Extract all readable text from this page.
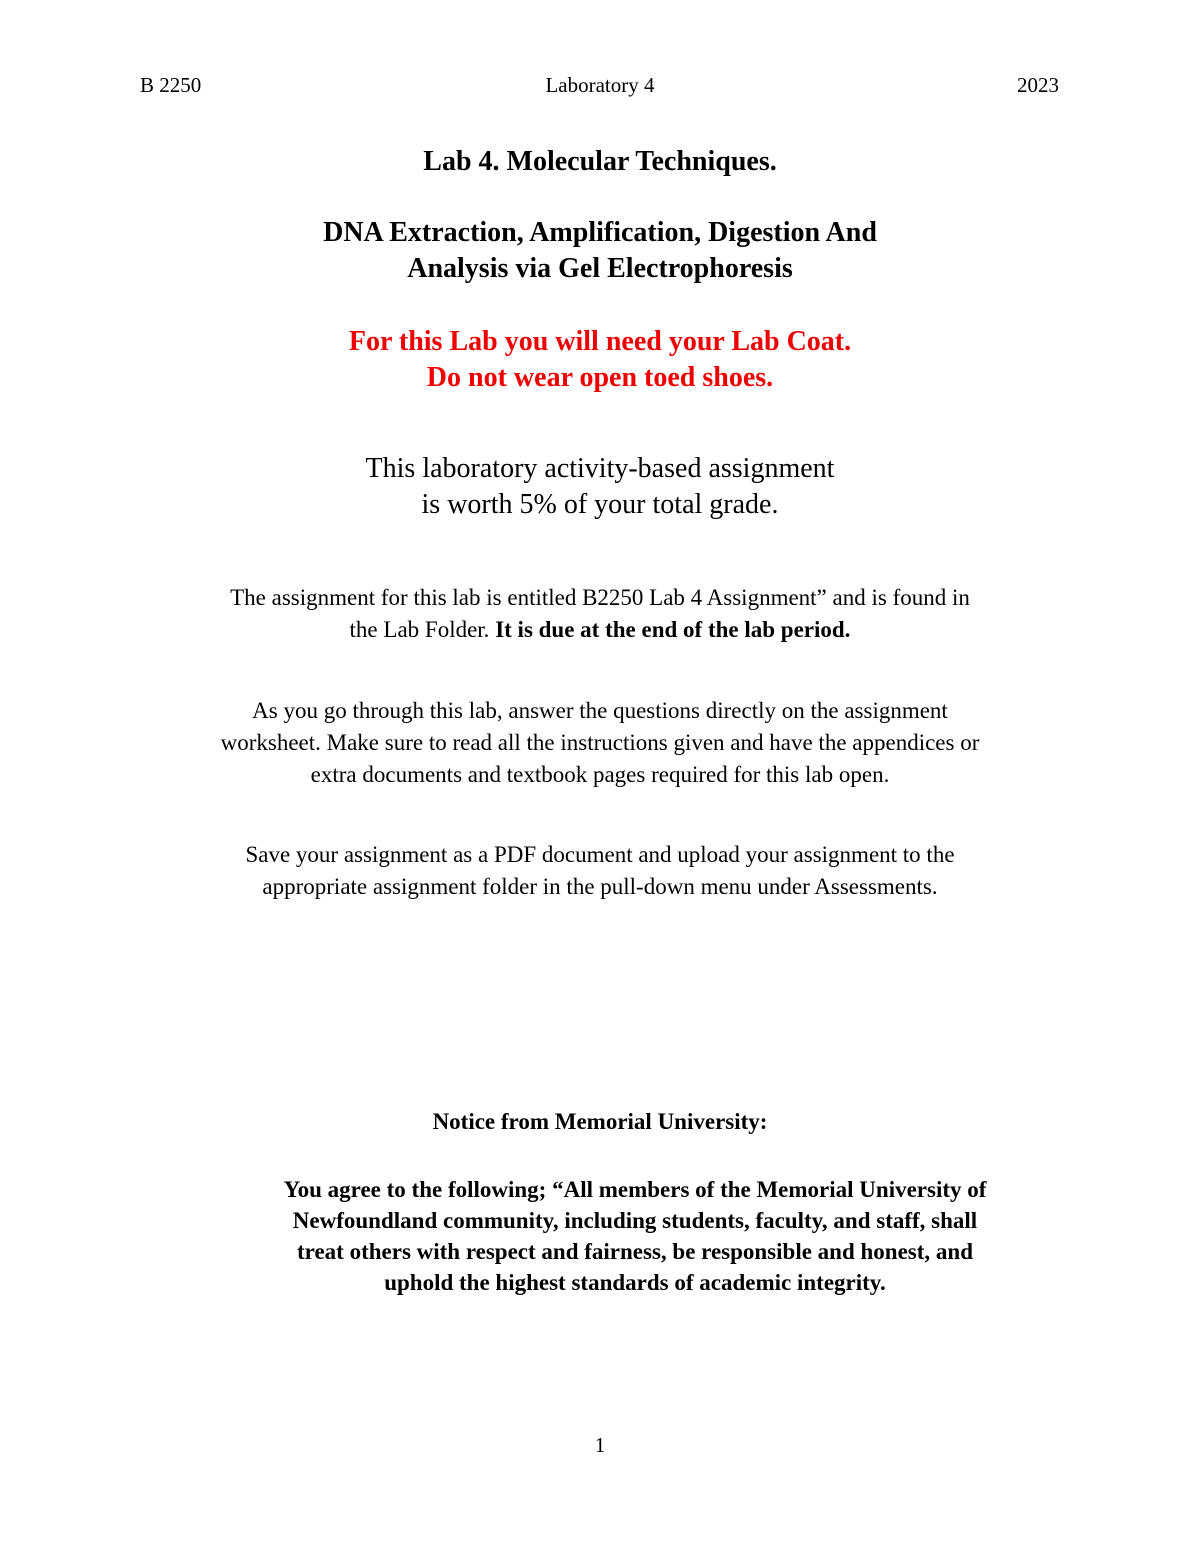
B 2250	Laboratory 4	2023
Lab 4. Molecular Techniques.
DNA Extraction, Amplification, Digestion And
Analysis via Gel Electrophoresis
For this Lab you will need your Lab Coat.
Do not wear open toed shoes.
This laboratory activity-based assignment
is worth 5% of your total grade.
The assignment for this lab is entitled B2250 Lab 4 Assignment” and is found in
the Lab Folder. It is due at the end of the lab period.
As you go through this lab, answer the questions directly on the assignment
worksheet. Make sure to read all the instructions given and have the appendices or
extra documents and textbook pages required for this lab open.
Save your assignment as a PDF document and upload your assignment to the
appropriate assignment folder in the pull-down menu under Assessments.
Notice from Memorial University:
You agree to the following; “All members of the Memorial University of
Newfoundland community, including students, faculty, and staff, shall
treat others with respect and fairness, be responsible and honest, and
uphold the highest standards of academic integrity.
1
